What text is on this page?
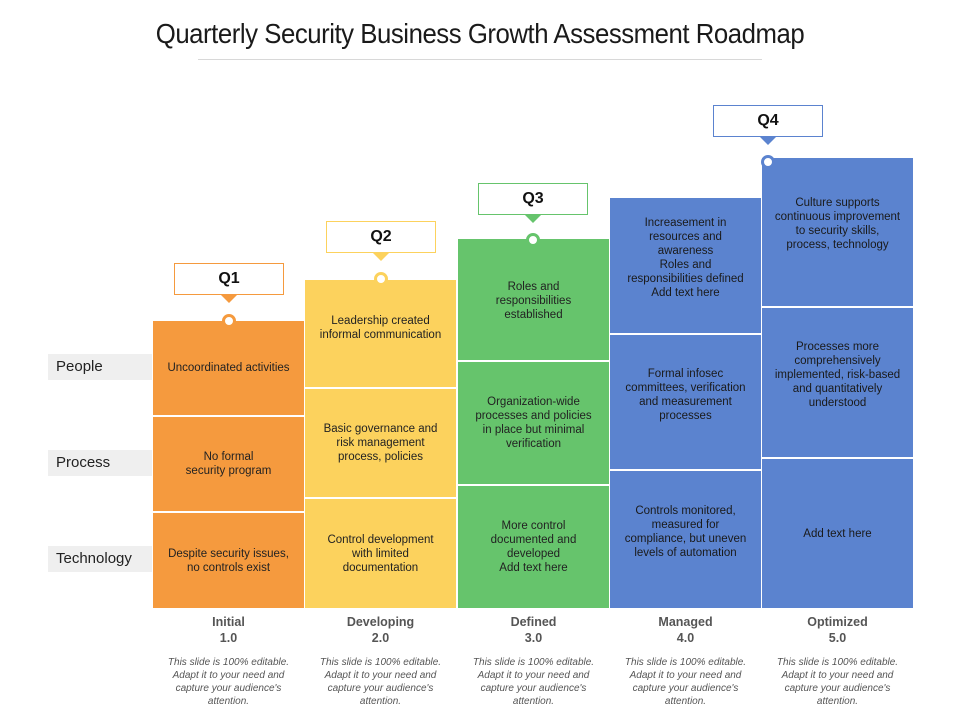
Quarterly Security Business Growth Assessment Roadmap
People
Process
Technology
Uncoordinated activities
No formal
security program
Despite security issues, no controls exist
Leadership created informal communication
Basic governance and risk management process, policies
Control development with limited documentation
Roles and responsibilities established
Organization-wide processes and policies in place but minimal verification
More control documented and developed
Add text here
Increasement in resources and awareness
Roles and responsibilities defined
Add text here
Formal infosec committees, verification and measurement processes
Controls monitored, measured for compliance, but uneven levels of automation
Culture supports continuous improvement to security skills, process, technology
Processes more comprehensively implemented, risk-based and quantitatively understood
Add text here
Q1
Q2
Q3
Q4
Initial
1.0
Developing
2.0
Defined
3.0
Managed
4.0
Optimized
5.0
This slide is 100% editable. Adapt it to your need and capture your audience's attention.
This slide is 100% editable. Adapt it to your need and capture your audience's attention.
This slide is 100% editable. Adapt it to your need and capture your audience's attention.
This slide is 100% editable. Adapt it to your need and capture your audience's attention.
This slide is 100% editable. Adapt it to your need and capture your audience's attention.
